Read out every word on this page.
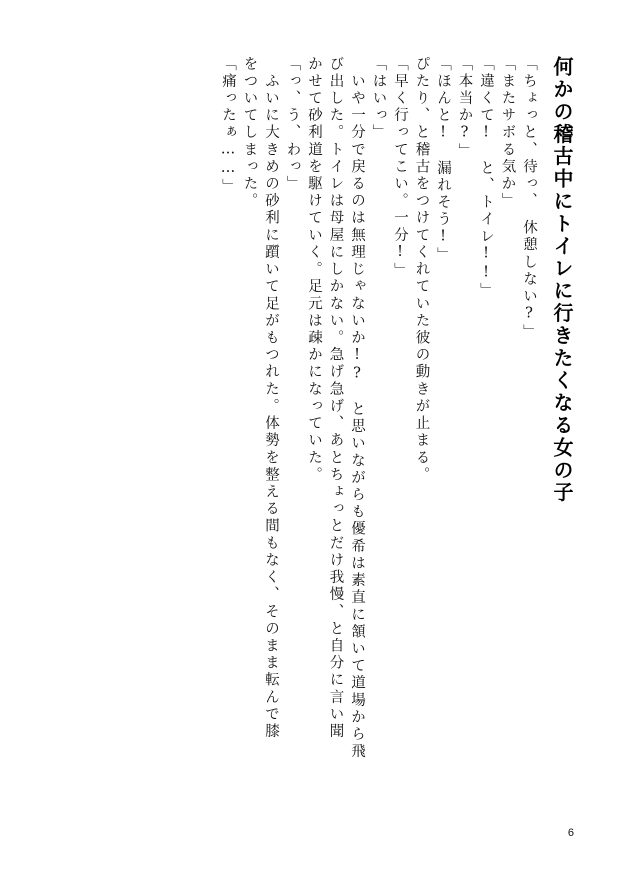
何かの稽古中にトイレに行きたくなる女の子
「ちょっと、待っ、　休憩しない?」
「またサボる気か」
「違くて!　と、トイレ!!」
「本当か?」
「ほんと!　漏れそう!」
ぴたり、と稽古をつけてくれていた彼の動きが止まる。
「早く行ってこい。一分!」
「はいっ」
　いや一分で戻るのは無理じゃないか!?　と思いながらも優希は素直に頷いて道場から飛
び出した。トイレは母屋にしかない。急げ急げ、あとちょっとだけ我慢、と自分に言い聞
かせて砂利道を駆けていく。足元は疎かになっていた。
「っ、う、わっ」
　ふいに大きめの砂利に躓いて足がもつれた。体勢を整える間もなく、そのまま転んで膝
をついてしまった。
「痛ったぁ……」
6
